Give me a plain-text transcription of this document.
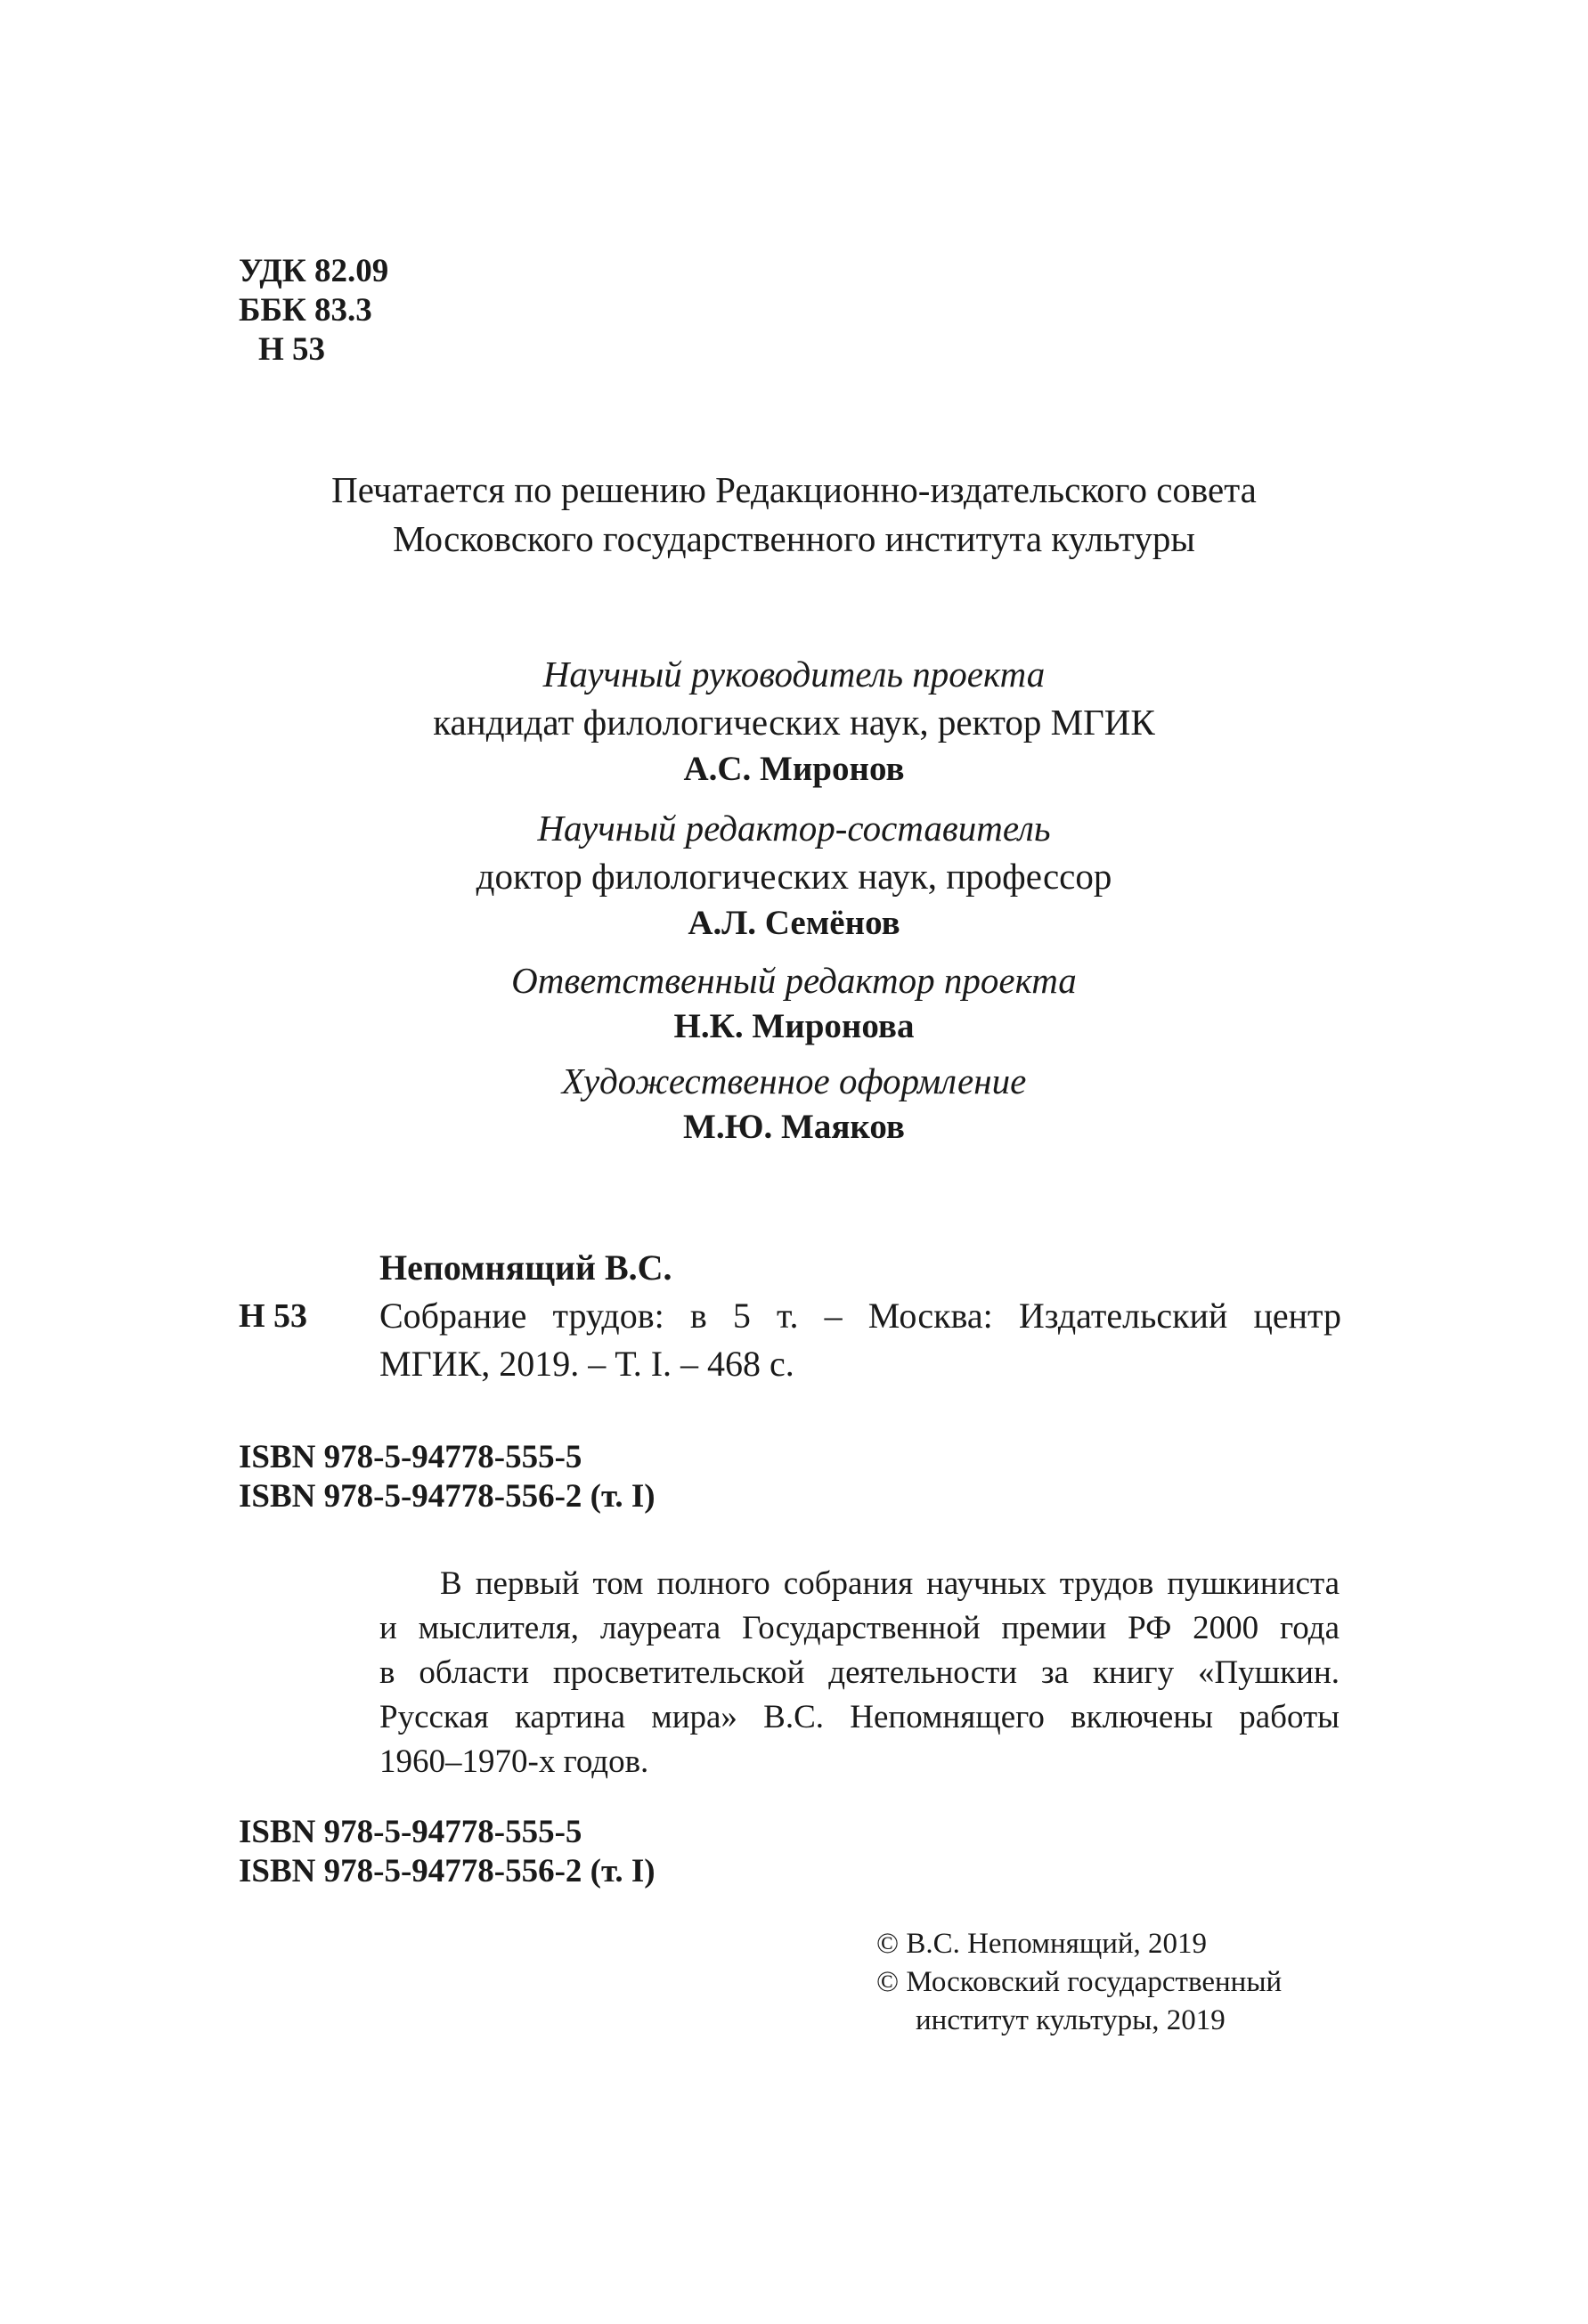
УДК 82.09
ББК 83.3
Н 53
Печатается по решению Редакционно-издательского совета
Московского государственного института культуры
Научный руководитель проекта
кандидат филологических наук, ректор МГИК
А.С. Миронов
Научный редактор-составитель
доктор филологических наук, профессор
А.Л. Семёнов
Ответственный редактор проекта
Н.К. Миронова
Художественное оформление
М.Ю. Маяков
Непомнящий В.С.
Н 53 Собрание трудов: в 5 т. – Москва: Издательский центр
МГИК, 2019. – Т. I. – 468 с.
ISBN 978-5-94778-555-5
ISBN 978-5-94778-556-2 (т. I)
В первый том полного собрания научных трудов пушкиниста
и мыслителя, лауреата Государственной премии РФ 2000 года
в области просветительской деятельности за книгу «Пушкин.
Русская картина мира» В.С. Непомнящего включены работы
1960–1970-х годов.
ISBN 978-5-94778-555-5
ISBN 978-5-94778-556-2 (т. I)
© В.С. Непомнящий, 2019
© Московский государственный
институт культуры, 2019
